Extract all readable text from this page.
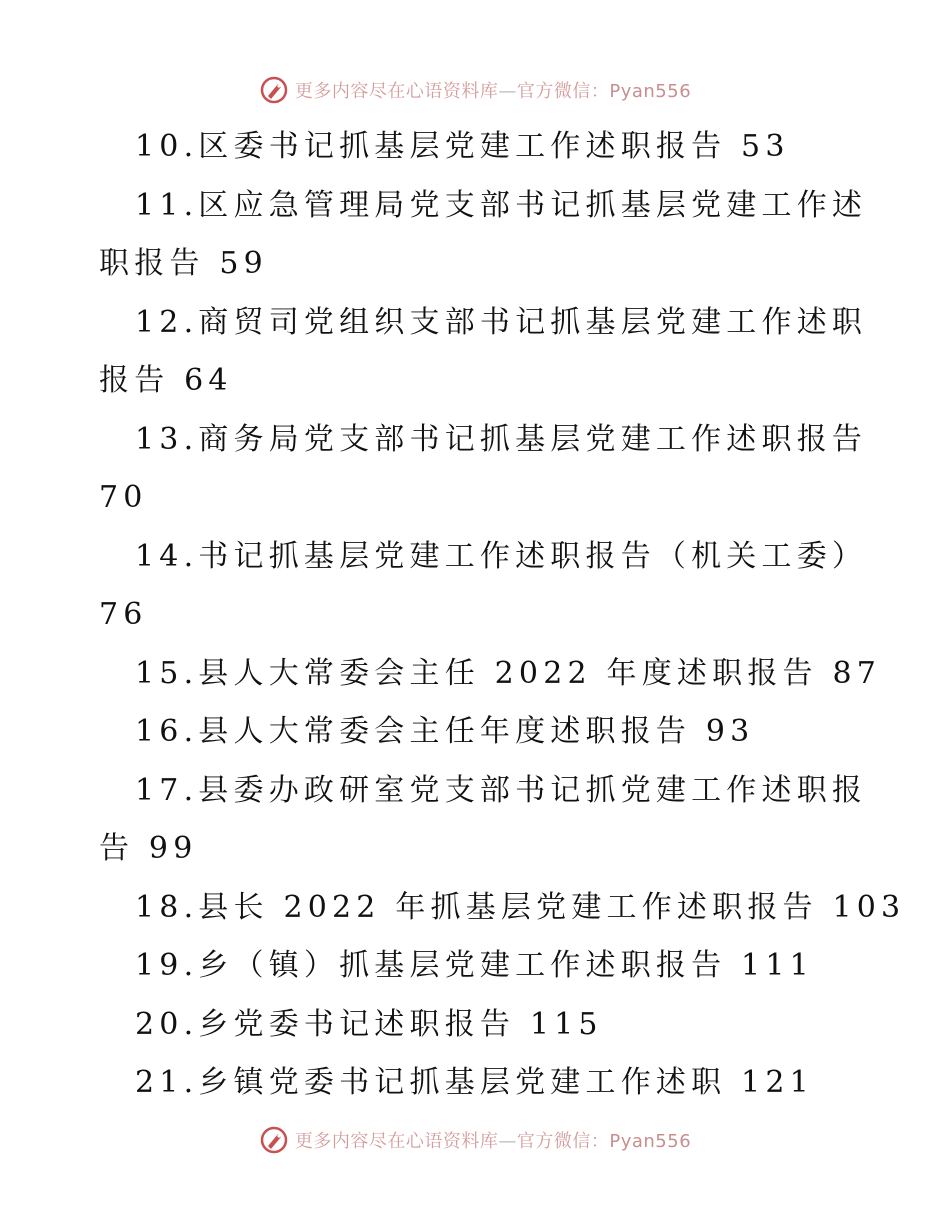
更多内容尽在心语资料库—官方微信：Pyan556
10.区委书记抓基层党建工作述职报告 53
11.区应急管理局党支部书记抓基层党建工作述
职报告 59
12.商贸司党组织支部书记抓基层党建工作述职
报告 64
13.商务局党支部书记抓基层党建工作述职报告
70
14.书记抓基层党建工作述职报告（机关工委）
76
15.县人大常委会主任 2022 年度述职报告 87
16.县人大常委会主任年度述职报告 93
17.县委办政研室党支部书记抓党建工作述职报
告 99
18.县长 2022 年抓基层党建工作述职报告 103
19.乡（镇）抓基层党建工作述职报告 111
20.乡党委书记述职报告 115
21.乡镇党委书记抓基层党建工作述职 121
更多内容尽在心语资料库—官方微信：Pyan556
